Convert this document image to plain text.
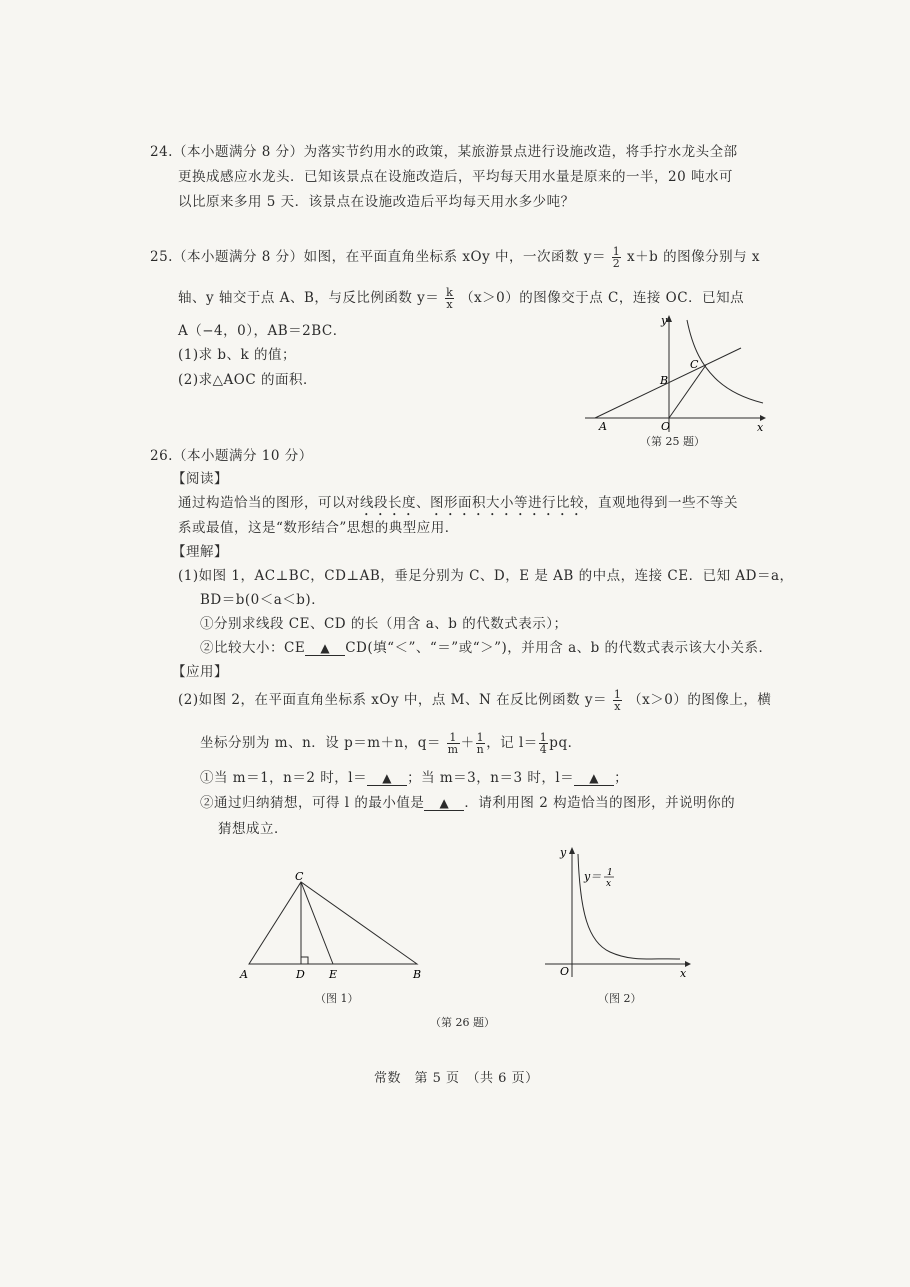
24.（本小题满分 8 分）为落实节约用水的政策，某旅游景点进行设施改造，将手拧水龙头全部
更换成感应水龙头．已知该景点在设施改造后，平均每天用水量是原来的一半，20 吨水可
以比原来多用 5 天．该景点在设施改造后平均每天用水多少吨？
25.（本小题满分 8 分）如图，在平面直角坐标系 xOy 中，一次函数 $y= \frac{1}{2} x+b$ 的图像分别与 x
轴、y 轴交于点 A、B，与反比例函数 $y= \frac{k}{x} (x>0)$的图像交于点 C，连接 OC．已知点
A（−4，0），AB＝2BC．
(1)求 b、k 的值；
(2)求△AOC 的面积．
y
x
A	O
B
C
（第 25 题）
26.（本小题满分 10 分）
【阅读】
通过构造恰当的图形，可以对线段长度、图形面积大小等进行比较，直观地得到一些不等关
系或最值，这是“数形结合”思想的典型应用．
【理解】
(1)如图 1，AC⊥BC，CD⊥AB，垂足分别为 C、D，E 是 AB 的中点，连接 CE．已知 AD＝a，
BD＝b(0＜a＜b)．
①分别求线段 CE、CD 的长（用含 a、b 的代数式表示）；
②比较大小：CE ▲ CD(填“＜”、“＝”或“＞”)，并用含 a、b 的代数式表示该大小关系．
【应用】
(2)如图 2，在平面直角坐标系 xOy 中，点 M、N 在反比例函数 $y= \frac{1}{x} (x>0)$的图像上，横
坐标分别为 m、n．设 p＝m＋n，$q= \frac{1}{m} + \frac{1}{n}$ ，记 $l= \frac{1}{4}$ pq．
①当 m＝1，n＝2 时，l＝ ▲ ；当 m＝3，n＝3 时，l＝ ▲ ；
②通过归纳猜想，可得 l 的最小值是 ▲ ．请利用图 2 构造恰当的图形，并说明你的
猜想成立．
C
A	D E	B
（图 1）
y
x
O
y＝ 1
x
（图 2）
（第 26 题）
常数　第 5 页　（共 6 页）
